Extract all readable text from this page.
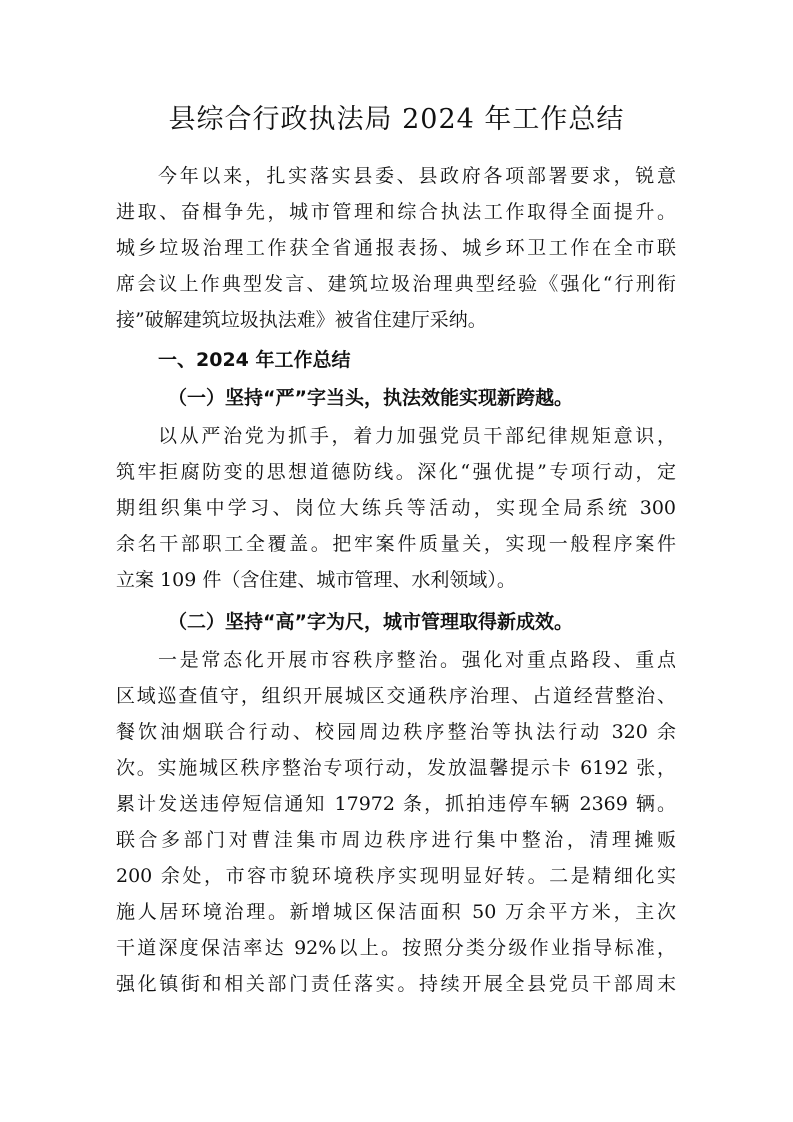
县综合行政执法局 2024 年工作总结
今年以来，扎实落实县委、县政府各项部署要求，锐意
进取、奋楫争先，城市管理和综合执法工作取得全面提升。
城乡垃圾治理工作获全省通报表扬、城乡环卫工作在全市联
席会议上作典型发言、建筑垃圾治理典型经验《强化“行刑衔
接”破解建筑垃圾执法难》被省住建厅采纳。
一、2024 年工作总结
（一）坚持“严”字当头，执法效能实现新跨越。
以从严治党为抓手，着力加强党员干部纪律规矩意识，
筑牢拒腐防变的思想道德防线。深化“强优提”专项行动，定
期组织集中学习、岗位大练兵等活动，实现全局系统 300
余名干部职工全覆盖。把牢案件质量关，实现一般程序案件
立案 109 件（含住建、城市管理、水利领域）。
（二）坚持“高”字为尺，城市管理取得新成效。
一是常态化开展市容秩序整治。强化对重点路段、重点
区域巡查值守，组织开展城区交通秩序治理、占道经营整治、
餐饮油烟联合行动、校园周边秩序整治等执法行动 320 余
次。实施城区秩序整治专项行动，发放温馨提示卡 6192 张，
累计发送违停短信通知 17972 条，抓拍违停车辆 2369 辆。
联合多部门对曹洼集市周边秩序进行集中整治，清理摊贩
200 余处，市容市貌环境秩序实现明显好转。二是精细化实
施人居环境治理。新增城区保洁面积 50 万余平方米，主次
干道深度保洁率达 92%以上。按照分类分级作业指导标准，
强化镇街和相关部门责任落实。持续开展全县党员干部周末
